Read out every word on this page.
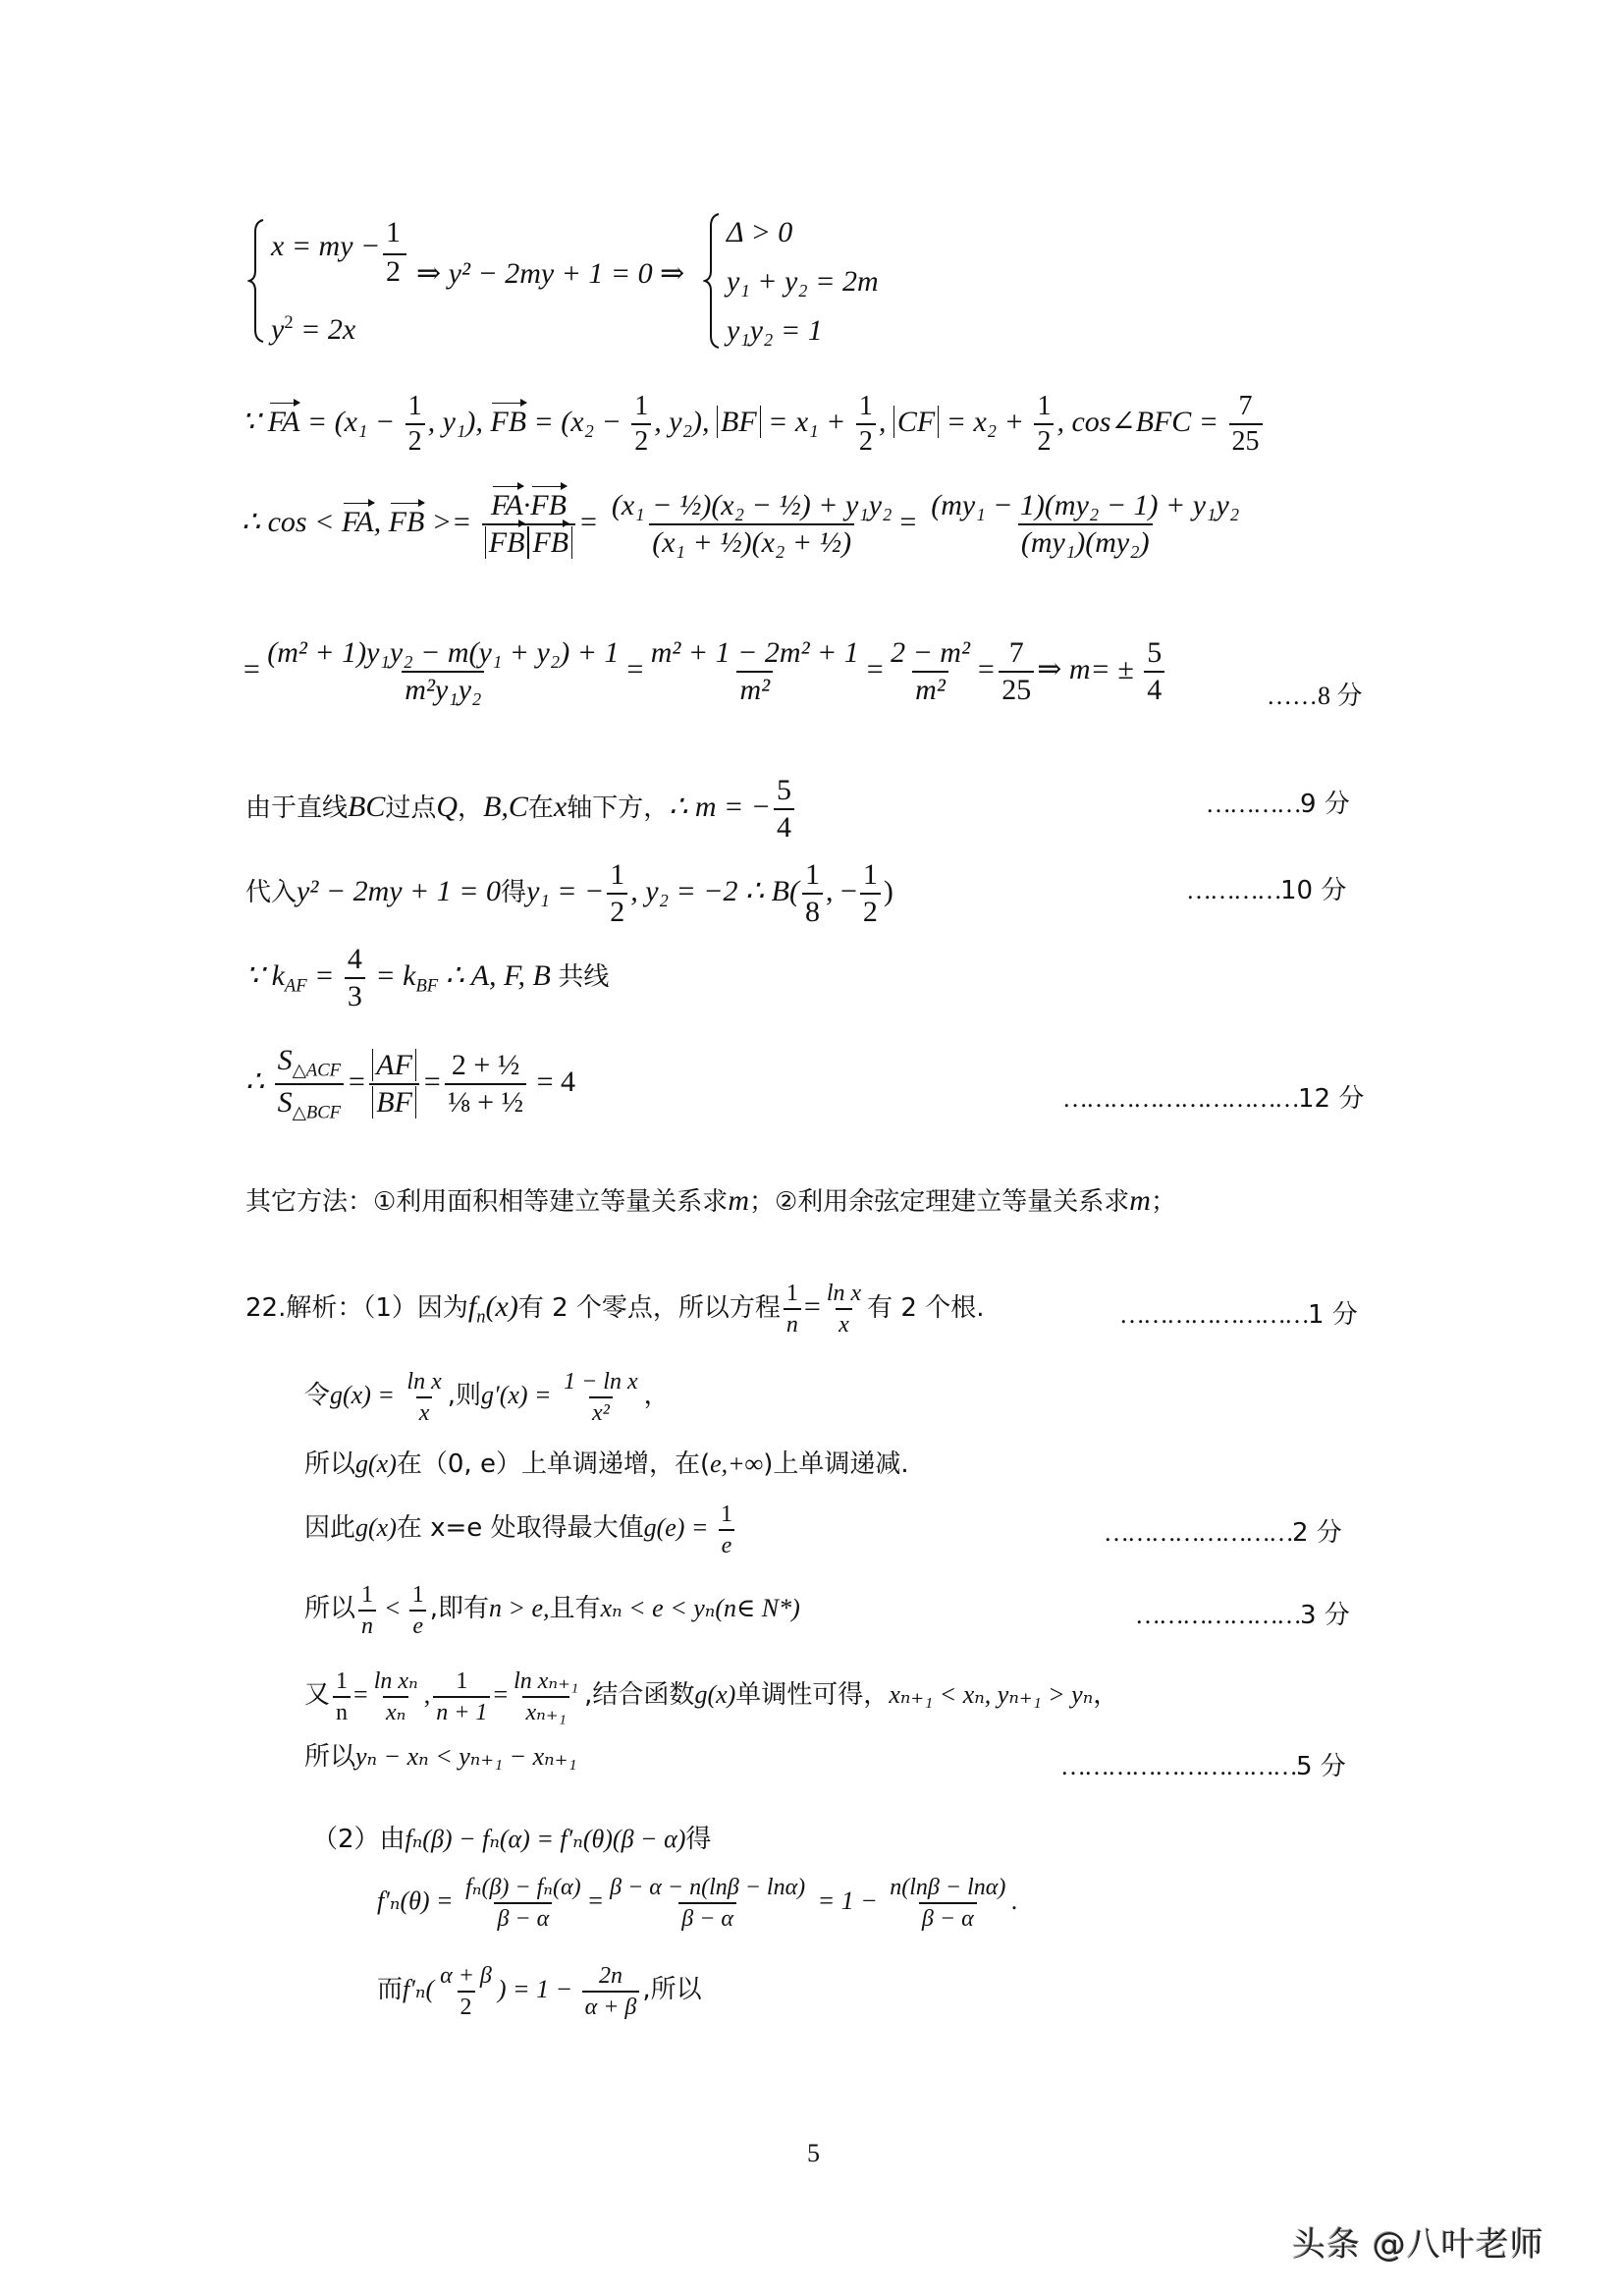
x = my − 1
2 ⇒ y² − 2my + 1 = 0 ⇒
$y^2 = 2x$
Δ > 0
y₁ + y₂ = 2m
y₁y₂ = 1
∵ FA = ($x_1 - \frac{1}{2}$ , y₁), FB = ($x_2 - \frac{1}{2}$ , y₂), BF = $x_1 + \frac{1}{2}$ , CF = $x_2 + \frac{1}{2}$ , cos∠BFC = $\frac{7}{25}$
∴ cos < FA, FB >= $\frac{FA\cdot FB}{\text{FB FB}} = \frac{\text{(x₁ − ½)(x₂ − ½) + y₁y₂}}{\text{(x₁ + ½)(x₂ + ½)}} = \frac{\text{(my₁ − 1)(my₂ − 1) + y₁y₂}}{\text{(my₁)(my₂)}}$
= $\frac{\text{(m² + 1)y₁y₂ − m(y₁ + y₂) + 1}}{\text{m²y₁y₂}} = \frac{\text{m² + 1 − 2m² + 1}}{\text{m²}} = \frac{\text{2 − m²}}{\text{m²}} = \frac{7}{25}$ ⇒ $m= \pm \frac{5}{4}$	……8 分
由于直线BC过点Q，B,C在x轴下方，∴ m = − $\frac{5}{4}$	…………9 分
代入y² − 2my + 1 = 0得y₁ = − $\frac{1}{2}$ , y₂ = −2 ∴ $B( \frac{1}{8}$ , − $\frac{1}{2}$ )	…………10 分
∵ $k_{AF} = \frac{4}{3} = k_{BF}$ ∴ A, F, B 共线
∴ $\frac{S_{\triangle ACF}}{S_{\triangle BCF}} = \frac{AF}{BF} = \frac{\text{2 + ½}}{\text{⅛ + ½}} = 4$
…………………………12 分
其它方法：①利用面积相等建立等量关系求m；②利用余弦定理建立等量关系求m；
22.解析：（1）因为$f_n(x)$有 2 个零点，所以方程 $\frac{1}{n} = \frac{\text{ln x}}{x}$ 有 2 个根.	……………………1 分
令$g(x) = \frac{\text{ln x}}{x}$ ,则$g'(x) = \frac{\text{1 − ln x}}{\text{x²}}$ ，
所以g(x)在（0, e）上单调递增，在(e,+∞)上单调递减.
因此g(x)在 x=e 处取得最大值$g(e) = \frac{1}{e}$	……………………2 分
所以 $\frac{1}{n} < \frac{1}{e}$ ,即有n > e,且有xₙ < e < yₙ(n∈ N*)	…………………3 分
又 $\frac{1}{n} = \frac{\text{ln xₙ}}{\text{xₙ}}$ , $\frac{1}{n + 1} = \frac{\text{ln xₙ₊₁}}{\text{xₙ₊₁}}$ ,结合函数g(x)单调性可得，xₙ₊₁ < xₙ, yₙ₊₁ > yₙ，
所以yₙ − xₙ < yₙ₊₁ − xₙ₊₁	…………………………5 分
（2）由fₙ(β) − fₙ(α) = f′ₙ(θ)(β − α)得
$f'_n(\theta) = \frac{\text{fₙ(β) − fₙ(α)}}{\beta - \alpha} = \frac{\beta - \alpha - n(\ln\beta - \ln\alpha)}{\beta - \alpha} = 1 - \frac{n(\ln\beta - \ln\alpha)}{\beta - \alpha}$ .
而$f'_n( \frac{\alpha + \beta}{2}$ ) = $1 - \frac{2n}{\alpha + \beta}$ ,所以
5
头条 @八叶老师
